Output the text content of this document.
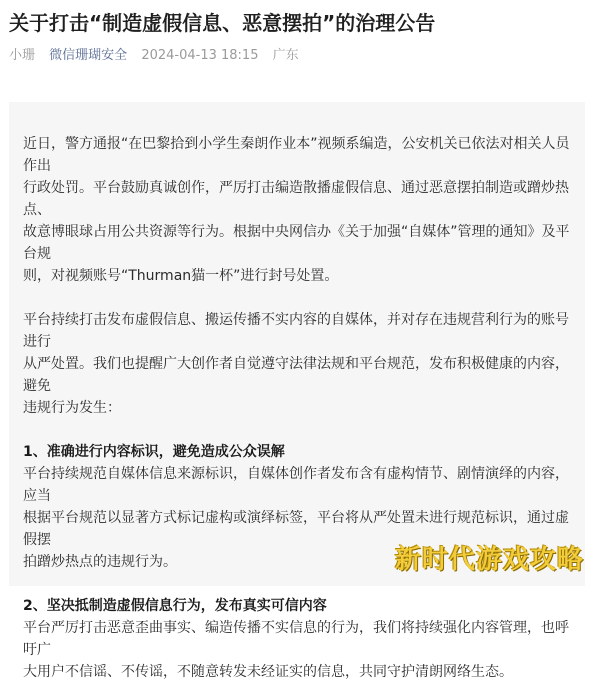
关于打击“制造虚假信息、恶意摆拍”的治理公告
小珊 微信珊瑚安全 2024-04-13 18:15 广东

近日，警方通报“在巴黎拾到小学生秦朗作业本”视频系编造，公安机关已依法对相关人员作出

行政处罚。平台鼓励真诚创作，严厉打击编造散播虚假信息、通过恶意摆拍制造或蹭炒热点、

故意博眼球占用公共资源等行为。根据中央网信办《关于加强“自媒体”管理的通知》及平台规

则，对视频账号“Thurman猫一杯”进行封号处置。

平台持续打击发布虚假信息、搬运传播不实内容的自媒体，并对存在违规营利行为的账号进行

从严处置。我们也提醒广大创作者自觉遵守法律法规和平台规范，发布积极健康的内容，避免

违规行为发生：

1、准确进行内容标识，避免造成公众误解

平台持续规范自媒体信息来源标识，自媒体创作者发布含有虚构情节、剧情演绎的内容，应当

根据平台规范以显著方式标记虚构或演绎标签，平台将从严处置未进行规范标识，通过虚假摆

拍蹭炒热点的违规行为。

2、坚决抵制造虚假信息行为，发布真实可信内容

平台严厉打击恶意歪曲事实、编造传播不实信息的行为，我们将持续强化内容管理，也呼吁广

大用户不信谣、不传谣，不随意转发未经证实的信息，共同守护清朗网络生态。

新时代游戏攻略
